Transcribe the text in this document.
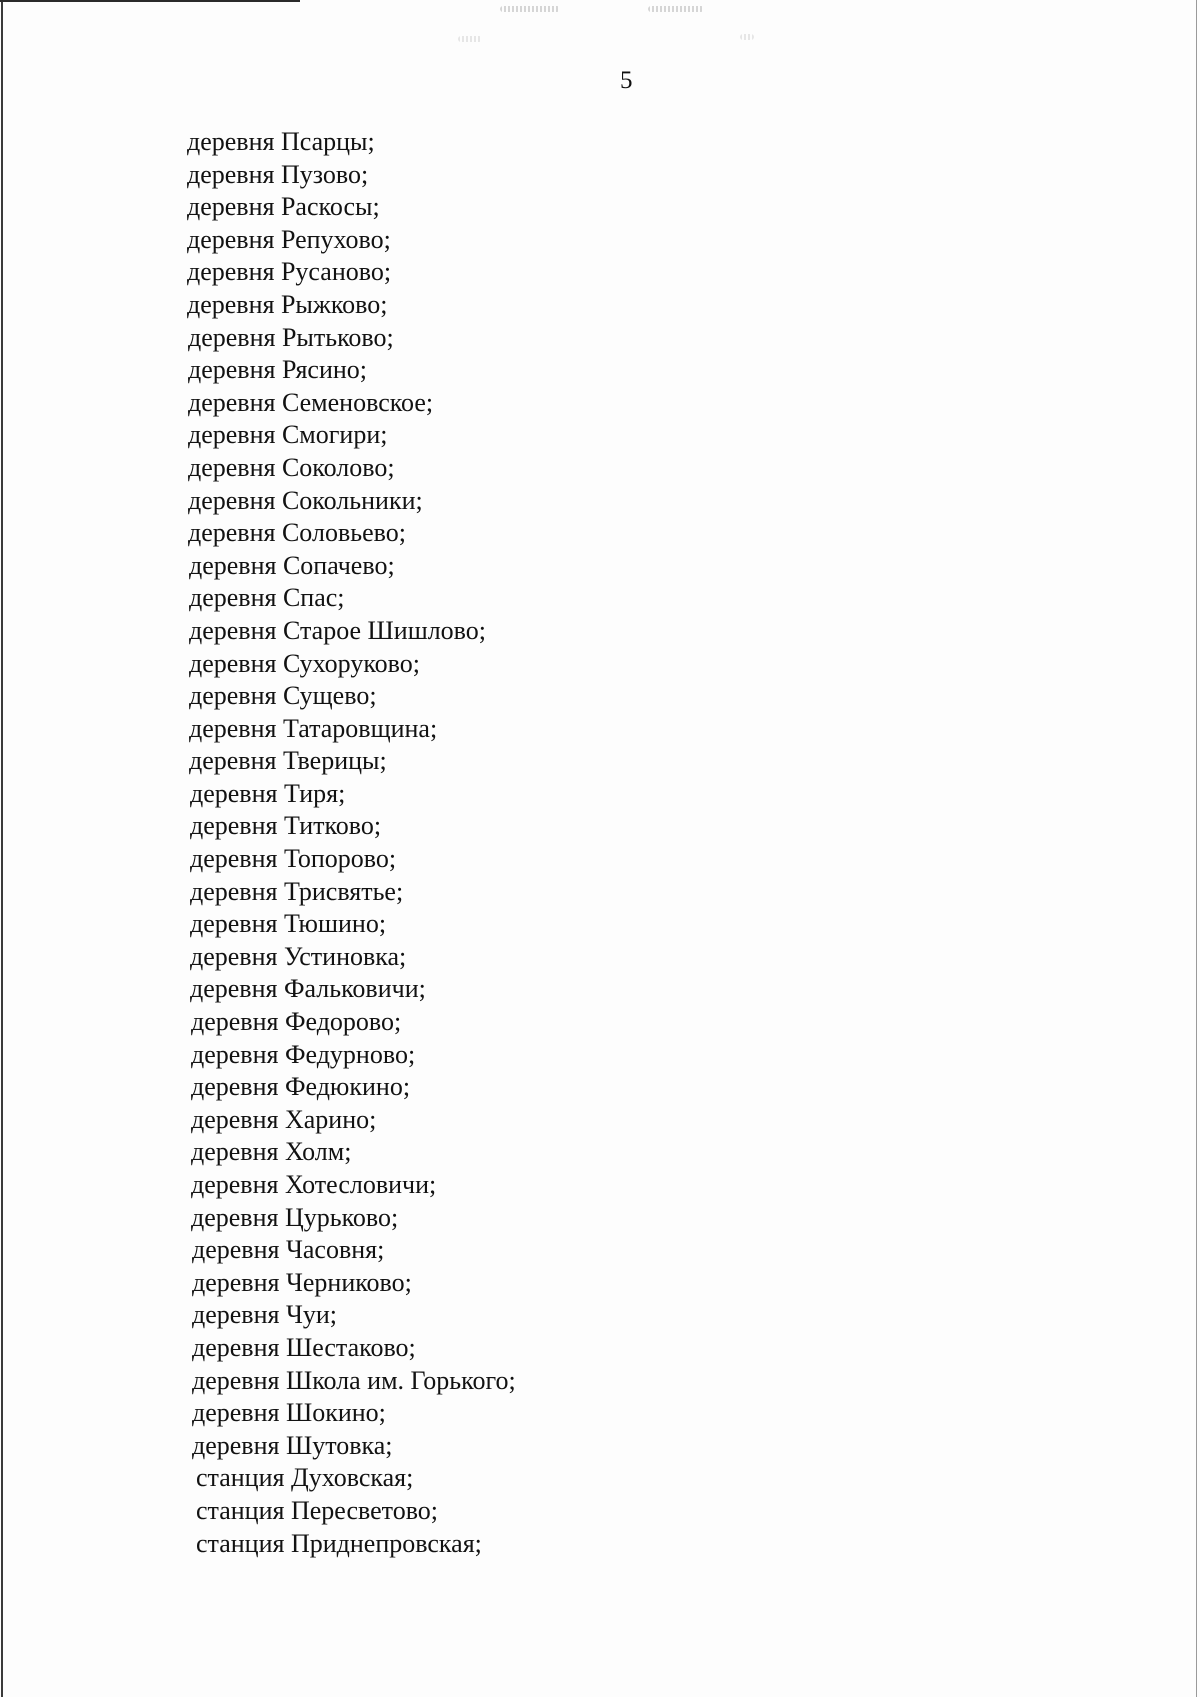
5
деревня Псарцы;
деревня Пузово;
деревня Раскосы;
деревня Репухово;
деревня Русаново;
деревня Рыжково;
деревня Рытьково;
деревня Рясино;
деревня Семеновское;
деревня Смогири;
деревня Соколово;
деревня Сокольники;
деревня Соловьево;
деревня Сопачево;
деревня Спас;
деревня Старое Шишлово;
деревня Сухоруково;
деревня Сущево;
деревня Татаровщина;
деревня Тверицы;
деревня Тиря;
деревня Титково;
деревня Топорово;
деревня Трисвятье;
деревня Тюшино;
деревня Устиновка;
деревня Фальковичи;
деревня Федорово;
деревня Федурново;
деревня Федюкино;
деревня Харино;
деревня Холм;
деревня Хотесловичи;
деревня Цурьково;
деревня Часовня;
деревня Черниково;
деревня Чуи;
деревня Шестаково;
деревня Школа им. Горького;
деревня Шокино;
деревня Шутовка;
станция Духовская;
станция Пересветово;
станция Приднепровская;
